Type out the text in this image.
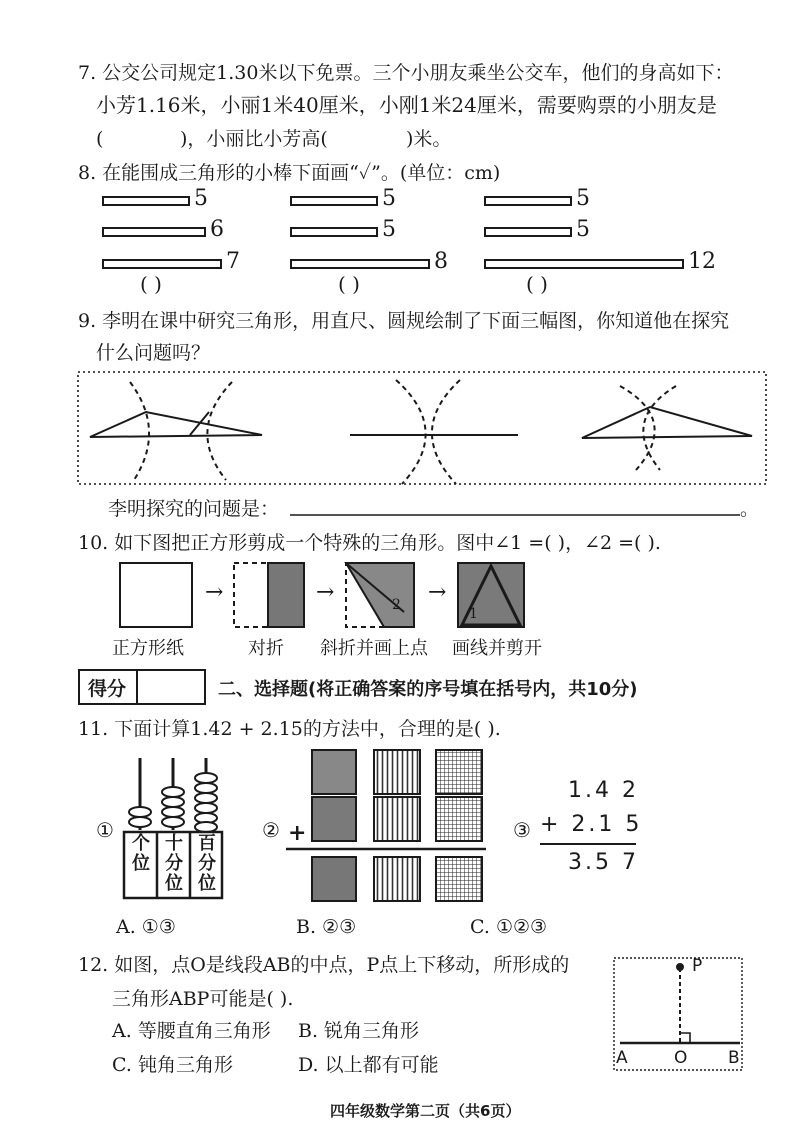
7. 公交公司规定1.30米以下免票。三个小朋友乘坐公交车，他们的身高如下：
小芳1.16米，小丽1米40厘米，小刚1米24厘米，需要购票的小朋友是
(	)，小丽比小芳高(	)米。
8. 在能围成三角形的小棒下面画“✓”。(单位：cm)
5
6
7
( )
5
5
8
( )
5
5
12
( )
9. 李明在课中研究三角形，用直尺、圆规绘制了下面三幅图，你知道他在探究
什么问题吗？
李明探究的问题是：	。
10. 如下图把正方形剪成一个特殊的三角形。图中∠1 =( )，∠2 =( ).
→	→	→
2
1
正方形纸	对折 斜折并画上点 画线并剪开
得分	二、选择题(将正确答案的序号填在括号内，共10分)
11. 下面计算1.42 + 2.15的方法中，合理的是( ).
①
个位
十分位
百分位
② +	③
1.4 2
+ 2.1 5
3.5 7
A. ①③	B. ②③	C. ①②③
12. 如图，点O是线段AB的中点，P点上下移动，所形成的
三角形ABP可能是( ).
A. 等腰直角三角形 B. 锐角三角形
C. 钝角三角形	D. 以上都有可能
P
A	O B
四年级数学第二页（共6页）
